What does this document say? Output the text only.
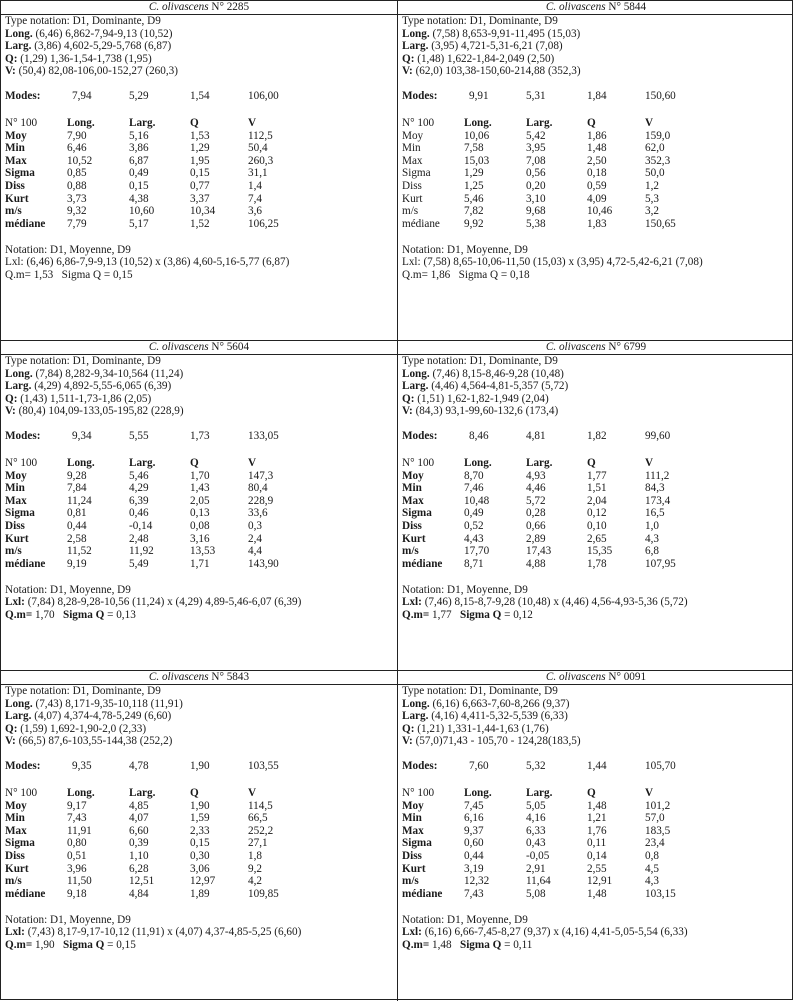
C. olivascens N° 2285
Type notation: D1, Dominante, D9
Long. (6,46) 6,862-7,94-9,13 (10,52)
Larg. (3,86) 4,602-5,29-5,768 (6,87)
Q: (1,29) 1,36-1,54-1,738 (1,95)
V: (50,4) 82,08-106,00-152,27 (260,3)
Modes:	7,94	5,29	1,54	106,00
N° 100	Long.	Larg.	Q	V
Moy	7,90	5,16	1,53	112,5
Min	6,46	3,86	1,29	50,4
Max	10,52	6,87	1,95	260,3
Sigma	0,85	0,49	0,15	31,1
Diss	0,88	0,15	0,77	1,4
Kurt	3,73	4,38	3,37	7,4
m/s	9,32	10,60	10,34	3,6
médiane	7,79	5,17	1,52	106,25
Notation: D1, Moyenne, D9
Lxl: (6,46) 6,86-7,9-9,13 (10,52) x (3,86) 4,60-5,16-5,77 (6,87)
Q.m= 1,53 Sigma Q = 0,15
C. olivascens N° 5844
Type notation: D1, Dominante, D9
Long. (7,58) 8,653-9,91-11,495 (15,03)
Larg. (3,95) 4,721-5,31-6,21 (7,08)
Q: (1,48) 1,622-1,84-2,049 (2,50)
V: (62,0) 103,38-150,60-214,88 (352,3)
Modes:	9,91	5,31	1,84	150,60
N° 100	Long.	Larg.	Q	V
Moy	10,06	5,42	1,86	159,0
Min	7,58	3,95	1,48	62,0
Max	15,03	7,08	2,50	352,3
Sigma	1,29	0,56	0,18	50,0
Diss	1,25	0,20	0,59	1,2
Kurt	5,46	3,10	4,09	5,3
m/s	7,82	9,68	10,46	3,2
médiane	9,92	5,38	1,83	150,65
Notation: D1, Moyenne, D9
Lxl: (7,58) 8,65-10,06-11,50 (15,03) x (3,95) 4,72-5,42-6,21 (7,08)
Q.m= 1,86 Sigma Q = 0,18
C. olivascens N° 5604
Type notation: D1, Dominante, D9
Long. (7,84) 8,282-9,34-10,564 (11,24)
Larg. (4,29) 4,892-5,55-6,065 (6,39)
Q: (1,43) 1,511-1,73-1,86 (2,05)
V: (80,4) 104,09-133,05-195,82 (228,9)
Modes:	9,34	5,55	1,73	133,05
N° 100	Long.	Larg.	Q	V
Moy	9,28	5,46	1,70	147,3
Min	7,84	4,29	1,43	80,4
Max	11,24	6,39	2,05	228,9
Sigma	0,81	0,46	0,13	33,6
Diss	0,44	-0,14	0,08	0,3
Kurt	2,58	2,48	3,16	2,4
m/s	11,52	11,92	13,53	4,4
médiane	9,19	5,49	1,71	143,90
Notation: D1, Moyenne, D9
Lxl: (7,84) 8,28-9,28-10,56 (11,24) x (4,29) 4,89-5,46-6,07 (6,39)
Q.m= 1,70 Sigma Q = 0,13
C. olivascens N° 6799
Type notation: D1, Dominante, D9
Long. (7,46) 8,15-8,46-9,28 (10,48)
Larg. (4,46) 4,564-4,81-5,357 (5,72)
Q: (1,51) 1,62-1,82-1,949 (2,04)
V: (84,3) 93,1-99,60-132,6 (173,4)
Modes:	8,46	4,81	1,82	99,60
N° 100	Long.	Larg.	Q	V
Moy	8,70	4,93	1,77	111,2
Min	7,46	4,46	1,51	84,3
Max	10,48	5,72	2,04	173,4
Sigma	0,49	0,28	0,12	16,5
Diss	0,52	0,66	0,10	1,0
Kurt	4,43	2,89	2,65	4,3
m/s	17,70	17,43	15,35	6,8
médiane	8,71	4,88	1,78	107,95
Notation: D1, Moyenne, D9
Lxl: (7,46) 8,15-8,7-9,28 (10,48) x (4,46) 4,56-4,93-5,36 (5,72)
Q.m= 1,77 Sigma Q = 0,12
C. olivascens N° 5843
Type notation: D1, Dominante, D9
Long. (7,43) 8,171-9,35-10,118 (11,91)
Larg. (4,07) 4,374-4,78-5,249 (6,60)
Q: (1,59) 1,692-1,90-2,0 (2,33)
V: (66,5) 87,6-103,55-144,38 (252,2)
Modes:	9,35	4,78	1,90	103,55
N° 100	Long.	Larg.	Q	V
Moy	9,17	4,85	1,90	114,5
Min	7,43	4,07	1,59	66,5
Max	11,91	6,60	2,33	252,2
Sigma	0,80	0,39	0,15	27,1
Diss	0,51	1,10	0,30	1,8
Kurt	3,96	6,28	3,06	9,2
m/s	11,50	12,51	12,97	4,2
médiane	9,18	4,84	1,89	109,85
Notation: D1, Moyenne, D9
Lxl: (7,43) 8,17-9,17-10,12 (11,91) x (4,07) 4,37-4,85-5,25 (6,60)
Q.m= 1,90 Sigma Q = 0,15
C. olivascens N° 0091
Type notation: D1, Dominante, D9
Long. (6,16) 6,663-7,60-8,266 (9,37)
Larg. (4,16) 4,411-5,32-5,539 (6,33)
Q: (1,21) 1,331-1,44-1,63 (1,76)
V: (57,0)71,43 - 105,70 - 124,28(183,5)
Modes:	7,60	5,32	1,44	105,70
N° 100	Long.	Larg.	Q	V
Moy	7,45	5,05	1,48	101,2
Min	6,16	4,16	1,21	57,0
Max	9,37	6,33	1,76	183,5
Sigma	0,60	0,43	0,11	23,4
Diss	0,44	-0,05	0,14	0,8
Kurt	3,19	2,91	2,55	4,5
m/s	12,32	11,64	12,91	4,3
médiane	7,43	5,08	1,48	103,15
Notation: D1, Moyenne, D9
Lxl: (6,16) 6,66-7,45-8,27 (9,37) x (4,16) 4,41-5,05-5,54 (6,33)
Q.m= 1,48 Sigma Q = 0,11
